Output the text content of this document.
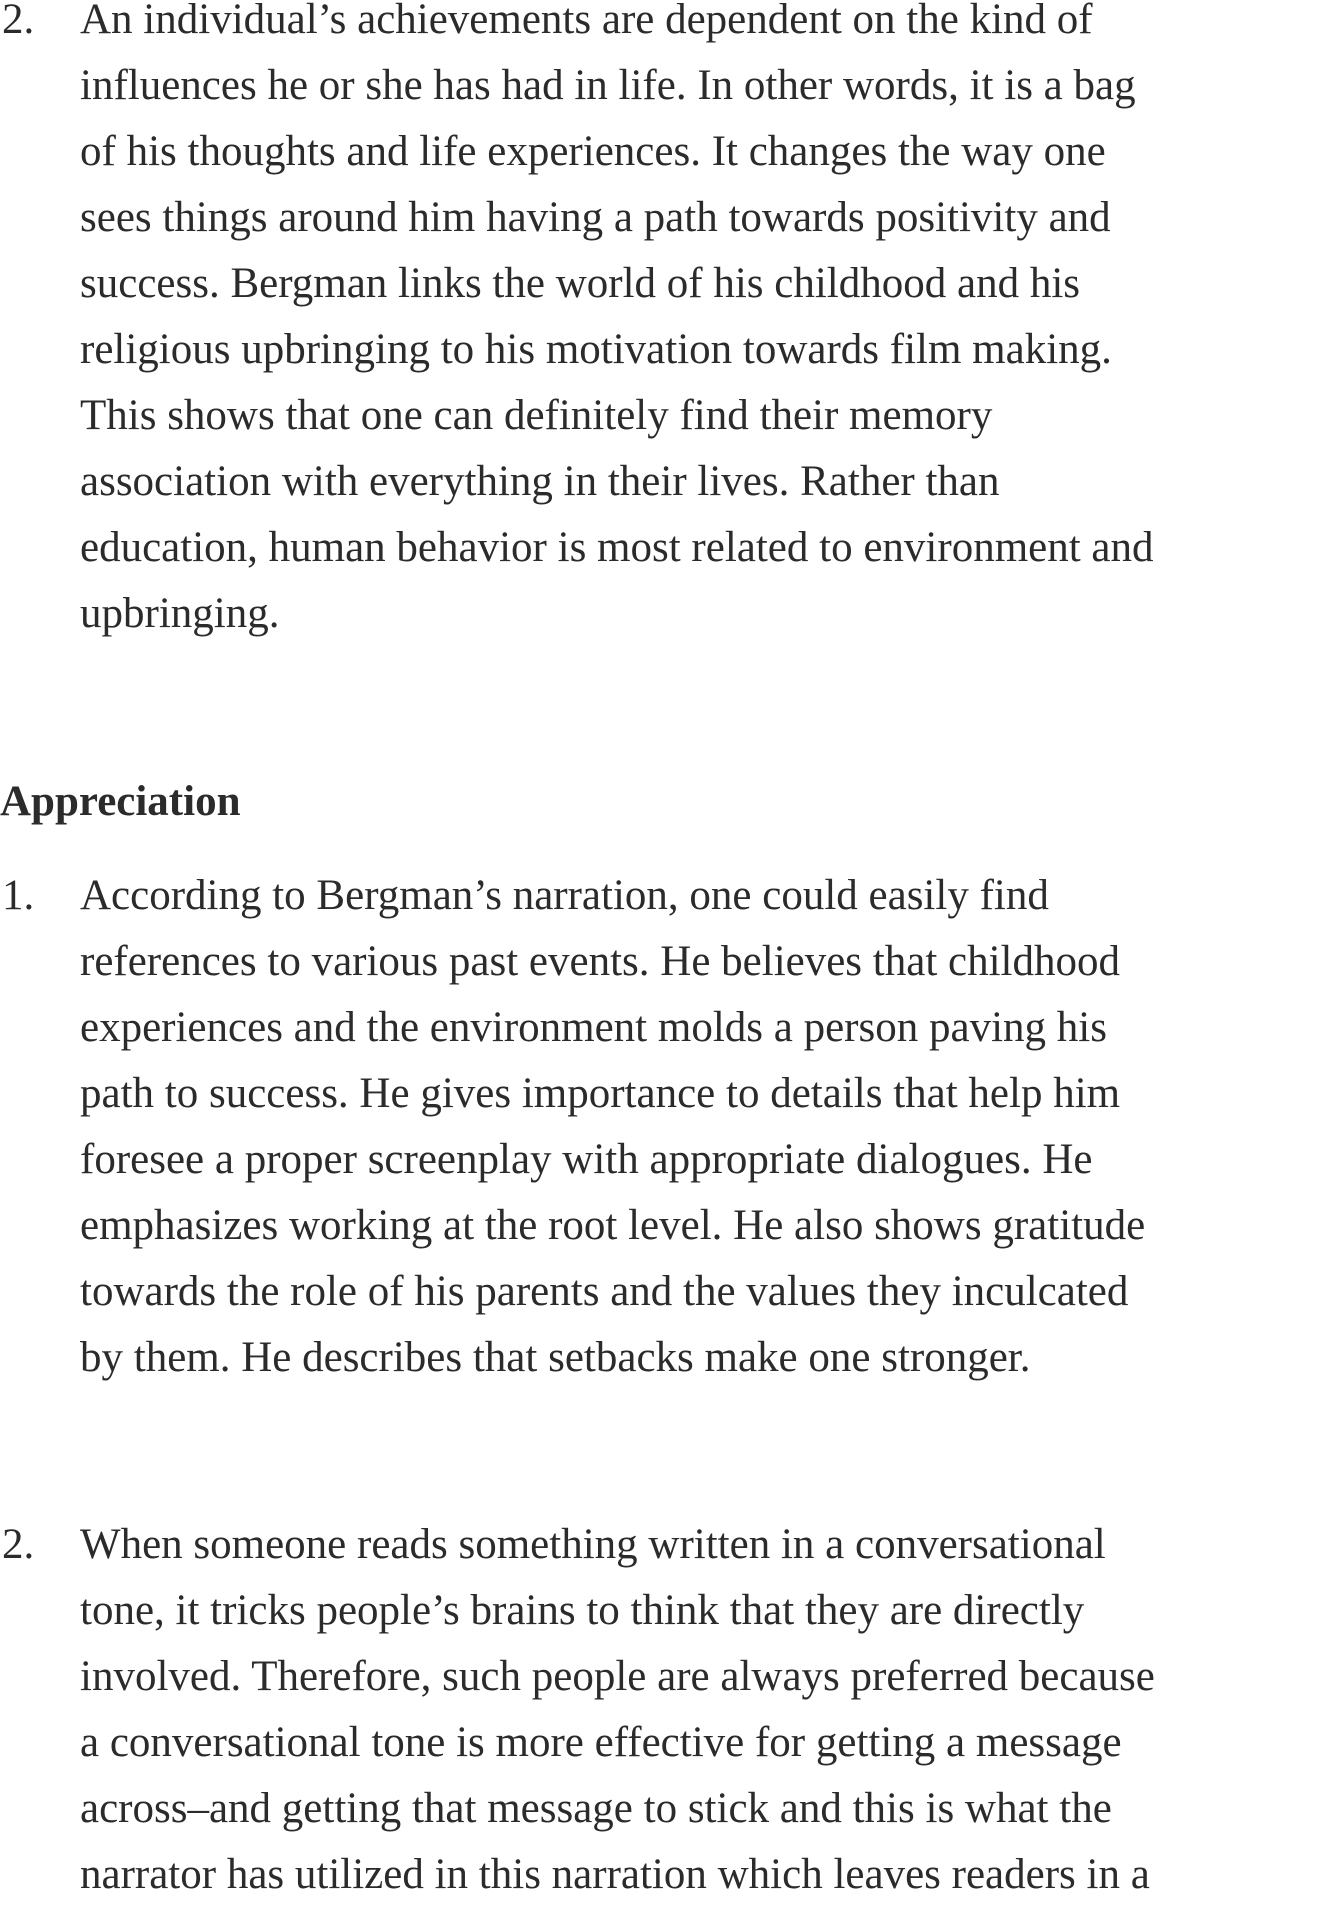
2. An individual’s achievements are dependent on the kind of
influences he or she has had in life. In other words, it is a bag
of his thoughts and life experiences. It changes the way one
sees things around him having a path towards positivity and
success. Bergman links the world of his childhood and his
religious upbringing to his motivation towards film making.
This shows that one can definitely find their memory
association with everything in their lives. Rather than
education, human behavior is most related to environment and
upbringing.
Appreciation
1. According to Bergman’s narration, one could easily find
references to various past events. He believes that childhood
experiences and the environment molds a person paving his
path to success. He gives importance to details that help him
foresee a proper screenplay with appropriate dialogues. He
emphasizes working at the root level. He also shows gratitude
towards the role of his parents and the values they inculcated
by them. He describes that setbacks make one stronger.
2. When someone reads something written in a conversational
tone, it tricks people’s brains to think that they are directly
involved. Therefore, such people are always preferred because
a conversational tone is more effective for getting a message
across–and getting that message to stick and this is what the
narrator has utilized in this narration which leaves readers in a
